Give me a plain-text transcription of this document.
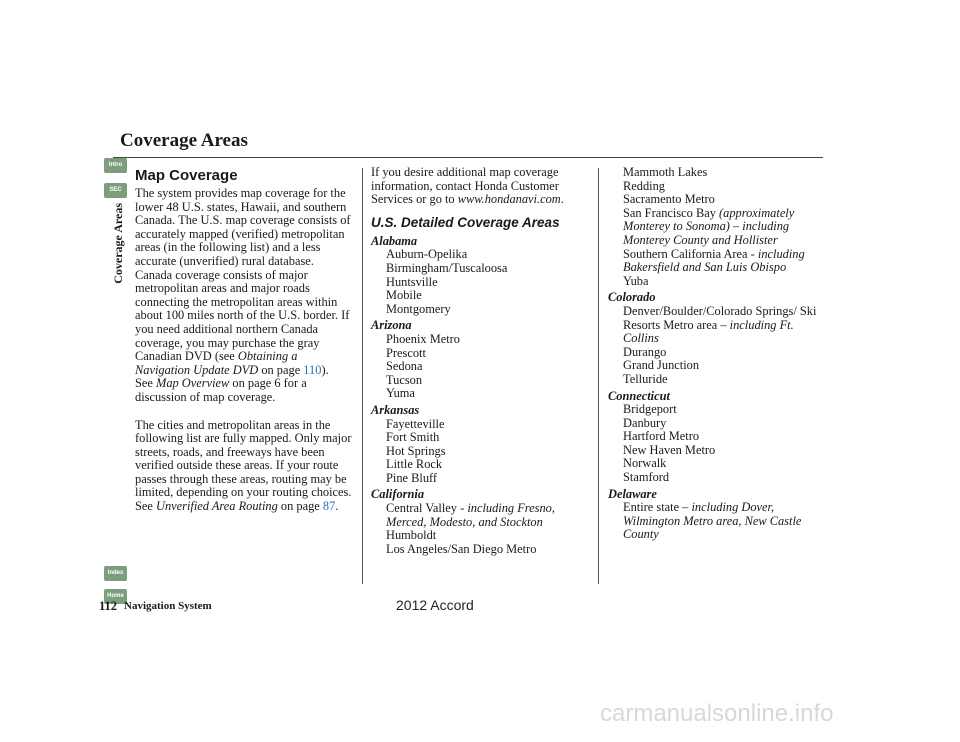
Coverage Areas
Intro
SEC
Coverage Areas
Index
Home
Map Coverage

The system provides map coverage for the lower 48 U.S. states, Hawaii, and southern Canada. The U.S. map coverage consists of accurately mapped (verified) metropolitan areas (in the following list) and a less accurate (unverified) rural database. Canada coverage consists of major metropolitan areas and major roads connecting the metropolitan areas within about 100 miles north of the U.S. border. If you need additional northern Canada coverage, you may purchase the gray Canadian DVD (see Obtaining a Navigation Update DVD on page 110).
See Map Overview on page 6 for a discussion of map coverage.

The cities and metropolitan areas in the following list are fully mapped. Only major streets, roads, and freeways have been verified outside these areas. If your route passes through these areas, routing may be limited, depending on your routing choices. See Unverified Area Routing on page 87.

If you desire additional map coverage information, contact Honda Customer Services or go to www.hondanavi.com.

U.S. Detailed Coverage Areas
Alabama
Auburn-Opelika
Birmingham/Tuscaloosa
Huntsville
Mobile
Montgomery
Arizona
Phoenix Metro
Prescott
Sedona
Tucson
Yuma
Arkansas
Fayetteville
Fort Smith
Hot Springs
Little Rock
Pine Bluff
California
Central Valley - including Fresno, Merced, Modesto, and Stockton
Humboldt
Los Angeles/San Diego Metro
Mammoth Lakes
Redding
Sacramento Metro
San Francisco Bay (approximately Monterey to Sonoma) – including Monterey County and Hollister
Southern California Area - including Bakersfield and San Luis Obispo
Yuba
Colorado
Denver/Boulder/Colorado Springs/ Ski Resorts Metro area – including Ft. Collins
Durango
Grand Junction
Telluride
Connecticut
Bridgeport
Danbury
Hartford Metro
New Haven Metro
Norwalk
Stamford
Delaware
Entire state – including Dover, Wilmington Metro area, New Castle County
112 Navigation System	2012 Accord
carmanualsonline.info
